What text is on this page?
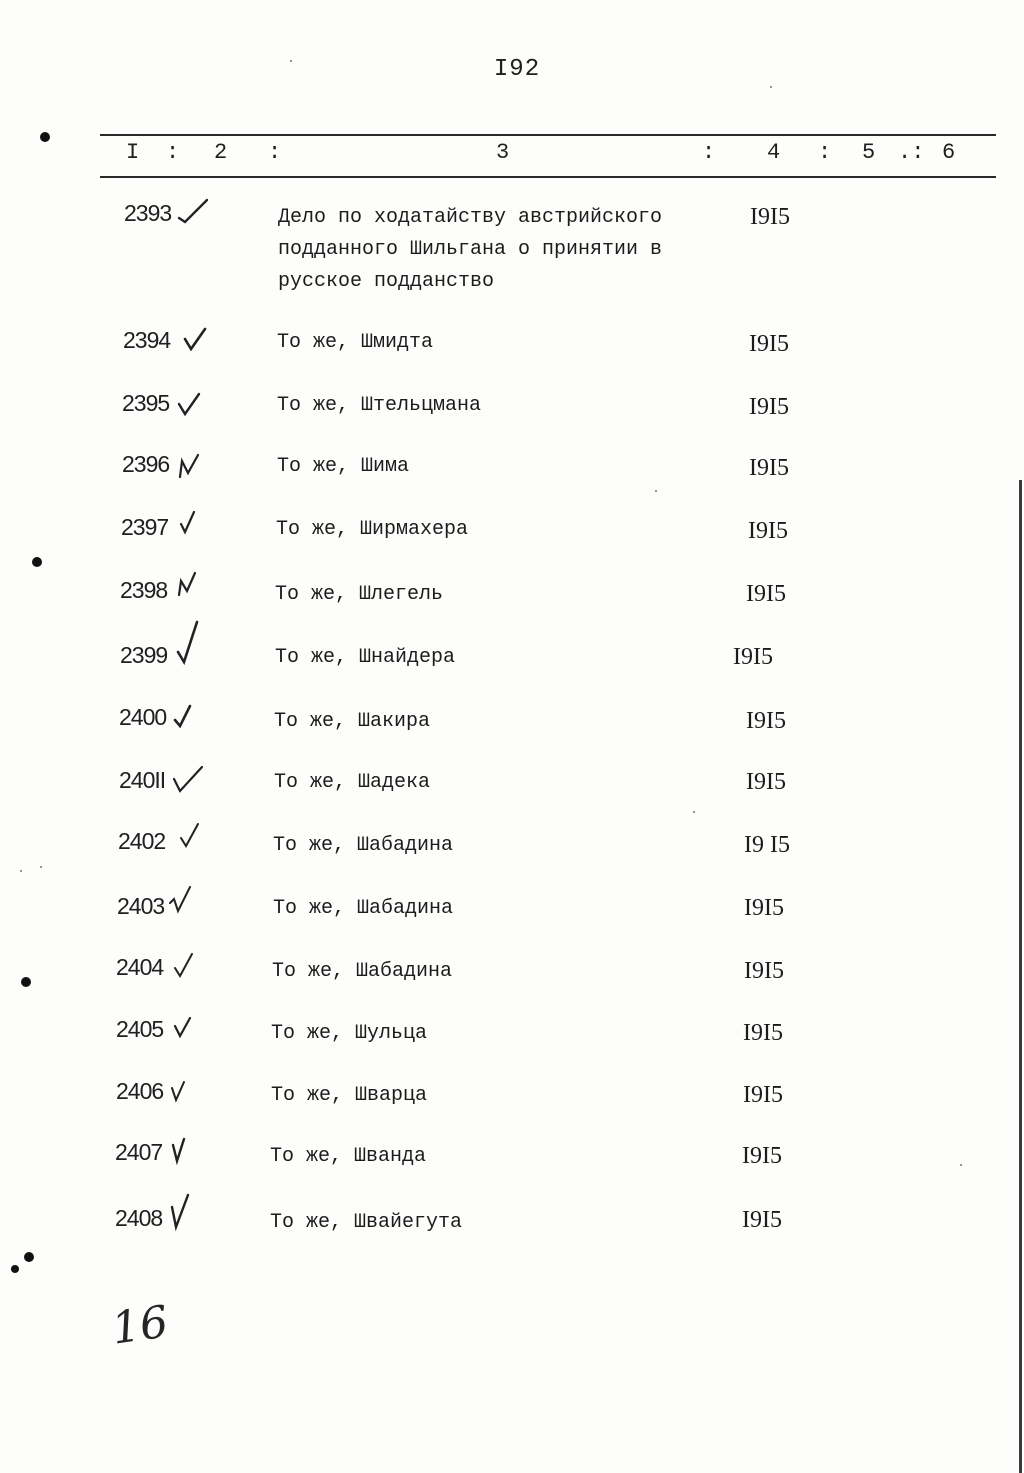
I92
I : 2 :	3	: 4 : 5 .: 6
2393	Дело по ходатайству австрийского
подданного Шильгана о принятии в
русское подданство
I9I5
2394	То же, Шмидта	I9I5
2395	То же, Штельцмана	I9I5
2396	То же, Шима	I9I5
2397	То же, Ширмахера	I9I5
2398	То же, Шлегель	I9I5
2399	То же, Шнайдера	I9I5
2400	То же, Шакира	I9I5
240II	То же, Шадека	I9I5
2402	То же, Шабадина	I9 I5
2403	То же, Шабадина	I9I5
2404	То же, Шабадина	I9I5
2405	То же, Шульца	I9I5
2406	То же, Шварца	I9I5
2407	То же, Шванда	I9I5
2408	То же, Швайегута	I9I5
16
